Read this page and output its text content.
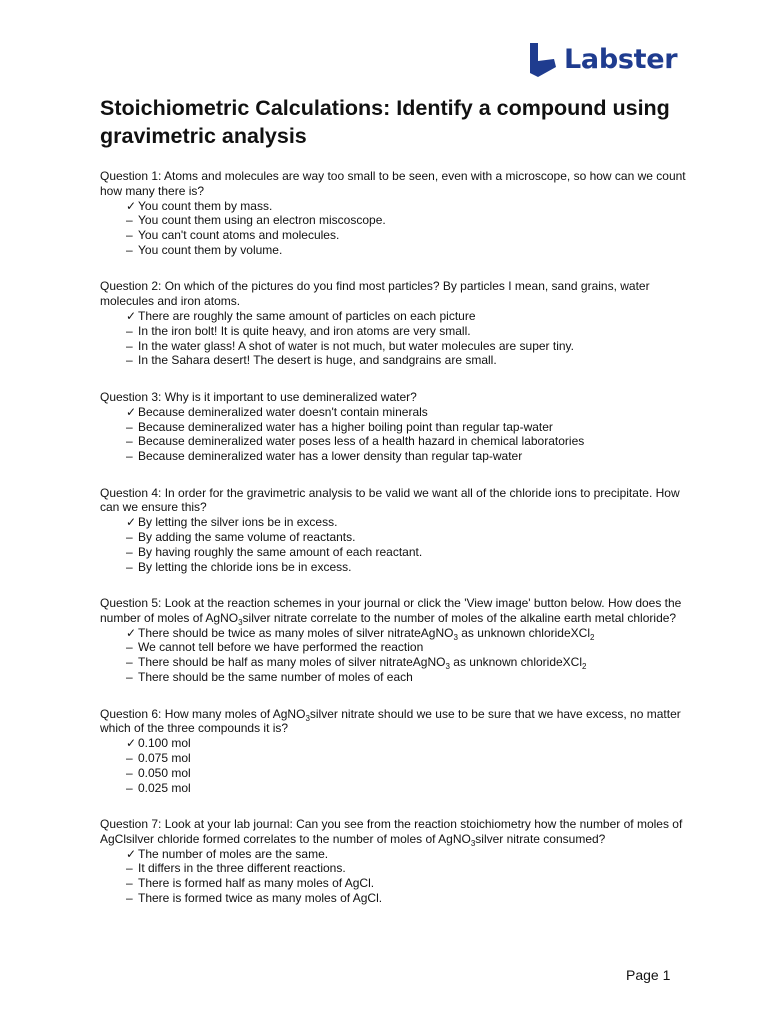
Labster
Stoichiometric Calculations: Identify a compound using gravimetric analysis

Question 1: Atoms and molecules are way too small to be seen, even with a microscope, so how can we count how many there is?

✓ You count them by mass.
– You count them using an electron miscoscope.
– You can't count atoms and molecules.
– You count them by volume.

Question 2: On which of the pictures do you find most particles? By particles I mean, sand grains, water molecules and iron atoms.

✓ There are roughly the same amount of particles on each picture
– In the iron bolt! It is quite heavy, and iron atoms are very small.
– In the water glass! A shot of water is not much, but water molecules are super tiny.
– In the Sahara desert! The desert is huge, and sandgrains are small.

Question 3: Why is it important to use demineralized water?

✓ Because demineralized water doesn't contain minerals
– Because demineralized water has a higher boiling point than regular tap-water
– Because demineralized water poses less of a health hazard in chemical laboratories
– Because demineralized water has a lower density than regular tap-water

Question 4: In order for the gravimetric analysis to be valid we want all of the chloride ions to precipitate. How can we ensure this?

✓ By letting the silver ions be in excess.
– By adding the same volume of reactants.
– By having roughly the same amount of each reactant.
– By letting the chloride ions be in excess.

Question 5: Look at the reaction schemes in your journal or click the 'View image' button below. How does the number of moles of AgNO$_3$silver nitrate correlate to the number of moles of the alkaline earth metal chloride?

✓ There should be twice as many moles of silver nitrateAgNO$_3$ as unknown chlorideXCl$_2$
– We cannot tell before we have performed the reaction
– There should be half as many moles of silver nitrateAgNO$_3$ as unknown chlorideXCl$_2$
– There should be the same number of moles of each

Question 6: How many moles of AgNO$_3$silver nitrate should we use to be sure that we have excess, no matter which of the three compounds it is?

✓ 0.100 mol
– 0.075 mol
– 0.050 mol
– 0.025 mol

Question 7: Look at your lab journal: Can you see from the reaction stoichiometry how the number of moles of AgClsilver chloride formed correlates to the number of moles of AgNO$_3$silver nitrate consumed?

✓ The number of moles are the same.
– It differs in the three different reactions.
– There is formed half as many moles of AgCl.
– There is formed twice as many moles of AgCl.
Page 1
